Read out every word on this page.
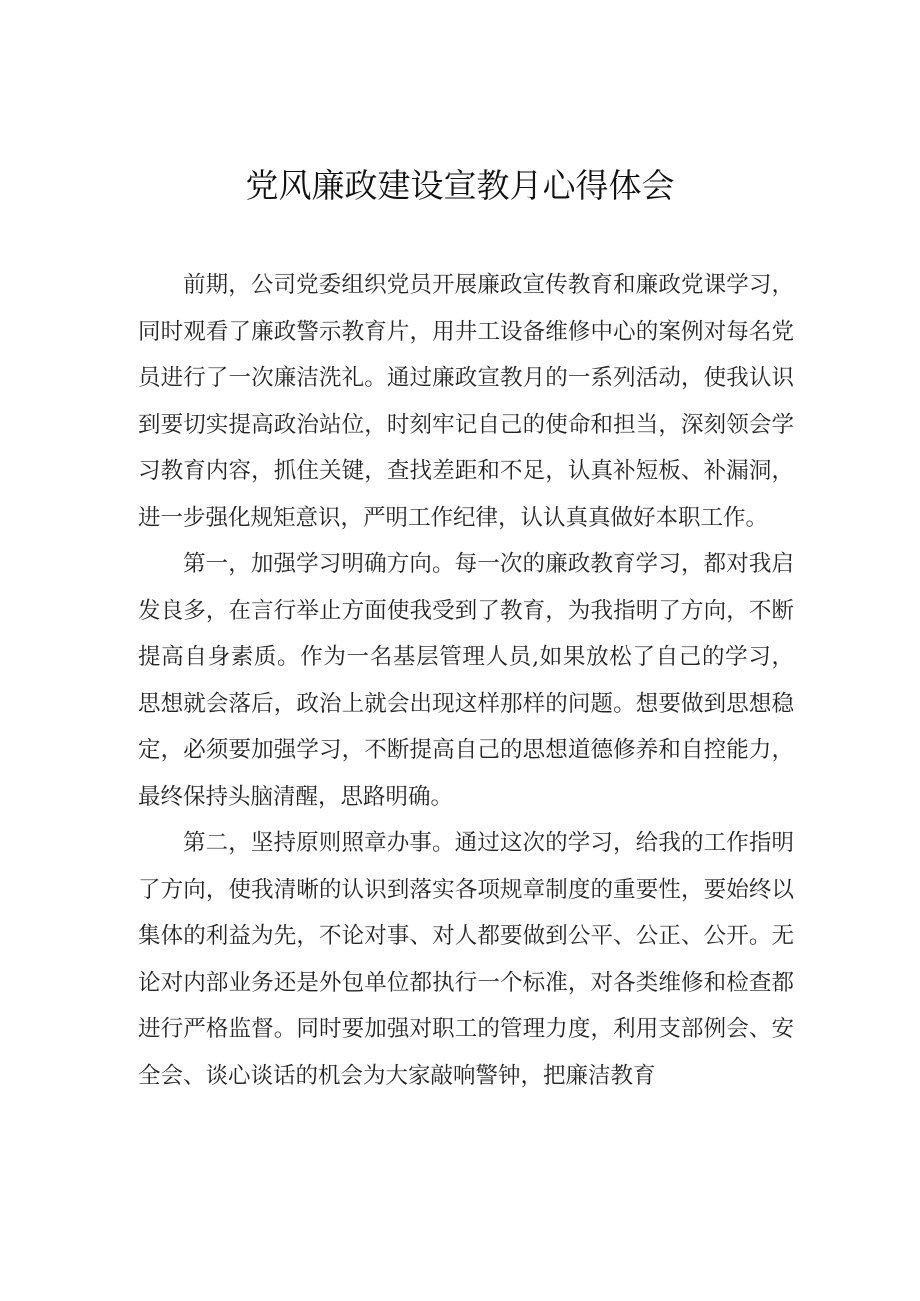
党风廉政建设宣教月心得体会

前期，公司党委组织党员开展廉政宣传教育和廉政党课学习，同时观看了廉政警示教育片，用井工设备维修中心的案例对每名党员进行了一次廉洁洗礼。通过廉政宣教月的一系列活动，使我认识到要切实提高政治站位，时刻牢记自己的使命和担当，深刻领会学习教育内容，抓住关键，查找差距和不足，认真补短板、补漏洞，进一步强化规矩意识，严明工作纪律，认认真真做好本职工作。

第一，加强学习明确方向。每一次的廉政教育学习，都对我启发良多，在言行举止方面使我受到了教育，为我指明了方向，不断提高自身素质。作为一名基层管理人员,如果放松了自己的学习，思想就会落后，政治上就会出现这样那样的问题。想要做到思想稳定，必须要加强学习，不断提高自己的思想道德修养和自控能力，最终保持头脑清醒，思路明确。

第二，坚持原则照章办事。通过这次的学习，给我的工作指明了方向，使我清晰的认识到落实各项规章制度的重要性，要始终以集体的利益为先，不论对事、对人都要做到公平、公正、公开。无论对内部业务还是外包单位都执行一个标准，对各类维修和检查都进行严格监督。同时要加强对职工的管理力度，利用支部例会、安全会、谈心谈话的机会为大家敲响警钟，把廉洁教育
